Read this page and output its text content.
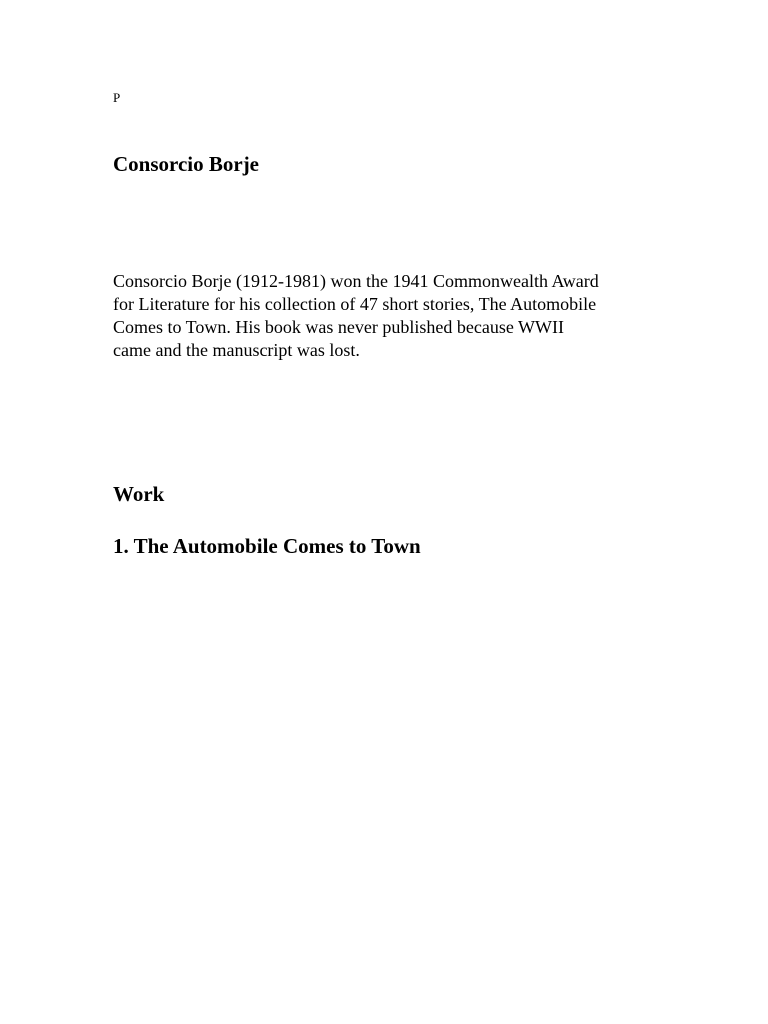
P
Consorcio Borje

Consorcio Borje (1912-1981) won the 1941 Commonwealth Award
for Literature for his collection of 47 short stories, The Automobile
Comes to Town. His book was never published because WWII
came and the manuscript was lost.

Work
1. The Automobile Comes to Town
